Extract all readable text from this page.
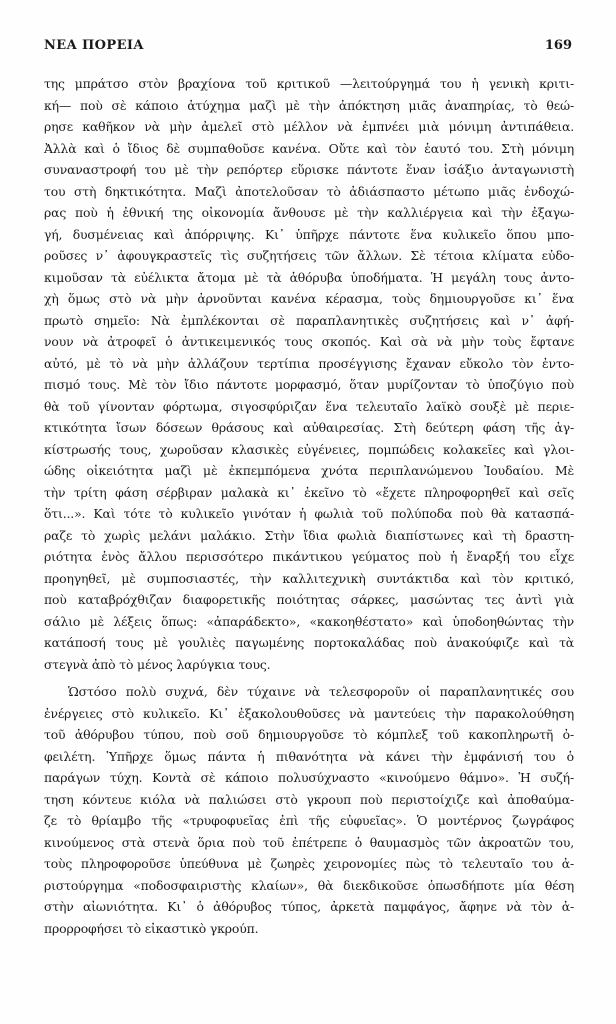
ΝΕΑ ΠΟΡΕΙΑ	169
της μπράτσο στὸν βραχίονα τοῦ κριτικοῦ —λειτούργημά του ἡ γενικὴ κριτι-
κή— ποὺ σὲ κάποιο ἀτύχημα μαζὶ μὲ τὴν ἀπόκτηση μιᾶς ἀναπηρίας, τὸ θεώ-
ρησε καθῆκον νὰ μὴν ἀμελεῖ στὸ μέλλον νὰ ἐμπνέει μιὰ μόνιμη ἀντιπάθεια.
Ἀλλὰ καὶ ὁ ἴδιος δὲ συμπαθοῦσε κανένα. Οὔτε καὶ τὸν ἑαυτό του. Στὴ μόνιμη
συναναστροφή του μὲ τὴν ρεπόρτερ εὕρισκε πάντοτε ἕναν ἰσάξιο ἀνταγωνιστὴ
του στὴ δηκτικότητα. Μαζὶ ἀποτελοῦσαν τὸ ἀδιάσπαστο μέτωπο μιᾶς ἐνδοχώ-
ρας ποὺ ἡ ἐθνική της οἰκονομία ἄνθουσε μὲ τὴν καλλιέργεια καὶ τὴν ἐξαγω-
γή, δυσμένειας καὶ ἀπόρριψης. Κι᾿ ὑπῆρχε πάντοτε ἕνα κυλικεῖο ὅπου μπο-
ροῦσες ν᾿ ἀφουγκραστεῖς τὶς συζητήσεις τῶν ἄλλων. Σὲ τέτοια κλίματα εὐδο-
κιμοῦσαν τὰ εὐέλικτα ἄτομα μὲ τὰ ἀθόρυβα ὑποδήματα. Ἡ μεγάλη τους ἀντο-
χὴ ὅμως στὸ νὰ μὴν ἀρνοῦνται κανένα κέρασμα, τοὺς δημιουργοῦσε κι᾿ ἕνα
πρωτὸ σημεῖο: Νὰ ἐμπλέκονται σὲ παραπλανητικὲς συζητήσεις καὶ ν᾿ ἀφή-
νουν νὰ ἀτροφεῖ ὁ ἀντικειμενικός τους σκοπός. Καὶ σὰ νὰ μὴν τοὺς ἔφτανε
αὐτό, μὲ τὸ νὰ μὴν ἀλλάζουν τερτίπια προσέγγισης ἔχαναν εὔκολο τὸν ἐντο-
πισμό τους. Μὲ τὸν ἴδιο πάντοτε μορφασμό, ὅταν μυρίζονταν τὸ ὑποζύγιο ποὺ
θὰ τοῦ γίνονταν φόρτωμα, σιγοσφύριζαν ἕνα τελευταῖο λαϊκὸ σουξὲ μὲ περιε-
κτικότητα ἴσων δόσεων θράσους καὶ αὐθαιρεσίας. Στὴ δεύτερη φάση τῆς ἀγ-
κίστρωσής τους, χωροῦσαν κλασικὲς εὐγένειες, πομπώδεις κολακεῖες καὶ γλοι-
ώδης οἰκειότητα μαζὶ μὲ ἐκπεμπόμενα χνότα περιπλανώμενου Ἰουδαίου. Μὲ
τὴν τρίτη φάση σέρβιραν μαλακὰ κι᾿ ἐκεῖνο τὸ «ἔχετε πληροφορηθεῖ καὶ σεῖς
ὅτι...». Καὶ τότε τὸ κυλικεῖο γινόταν ἡ φωλιὰ τοῦ πολύποδα ποὺ θὰ κατασπά-
ραζε τὸ χωρὶς μελάνι μαλάκιο. Στὴν ἴδια φωλιὰ διαπίστωνες καὶ τὴ δραστη-
ριότητα ἑνὸς ἄλλου περισσότερο πικάντικου γεύματος ποὺ ἡ ἔναρξή του εἶχε
προηγηθεῖ, μὲ συμποσιαστές, τὴν καλλιτεχνικὴ συντάκτιδα καὶ τὸν κριτικό,
ποὺ καταβρόχθιζαν διαφορετικῆς ποιότητας σάρκες, μασώντας τες ἀντὶ γιὰ
σάλιο μὲ λέξεις ὅπως: «ἀπαράδεκτο», «κακοηθέστατο» καὶ ὑποδοηθώντας τὴν
κατάποσή τους μὲ γουλιὲς παγωμένης πορτοκαλάδας ποὺ ἀνακούφιζε καὶ τὰ
στεγνὰ ἀπὸ τὸ μένος λαρύγκια τους.
Ὡστόσο πολὺ συχνά, δὲν τύχαινε νὰ τελεσφοροῦν οἱ παραπλανητικές σου
ἐνέργειες στὸ κυλικεῖο. Κι᾿ ἐξακολουθοῦσες νὰ μαντεύεις τὴν παρακολούθηση
τοῦ ἀθόρυβου τύπου, ποὺ σοῦ δημιουργοῦσε τὸ κόμπλεξ τοῦ κακοπληρωτῆ ὀ-
φειλέτη. Ὑπῆρχε ὅμως πάντα ἡ πιθανότητα νὰ κάνει τὴν ἐμφάνισή του ὁ
παράγων τύχη. Κοντὰ σὲ κάποιο πολυσύχναστο «κινούμενο θάμνο». Ἡ συζή-
τηση κόντευε κιόλα νὰ παλιώσει στὸ γκρουπ ποὺ περιστοίχιζε καὶ ἀποθαύμα-
ζε τὸ θρίαμβο τῆς «τρυφοφυεῖας ἐπὶ τῆς εὐφυεῖας». Ὁ μοντέρνος ζωγράφος
κινούμενος στὰ στενὰ ὅρια ποὺ τοῦ ἐπέτρεπε ὁ θαυμασμὸς τῶν ἀκροατῶν του,
τοὺς πληροφοροῦσε ὑπεύθυνα μὲ ζωηρὲς χειρονομίες πὼς τὸ τελευταῖο του ἀ-
ριστούργημα «ποδοσφαιριστὴς κλαίων», θὰ διεκδικοῦσε ὁπωσδήποτε μία θέση
στὴν αἰωνιότητα. Κι᾿ ὁ ἀθόρυβος τύπος, ἀρκετὰ παμφάγος, ἄφηνε νὰ τὸν ἀ-
προρροφήσει τὸ εἰκαστικὸ γκρούπ.
